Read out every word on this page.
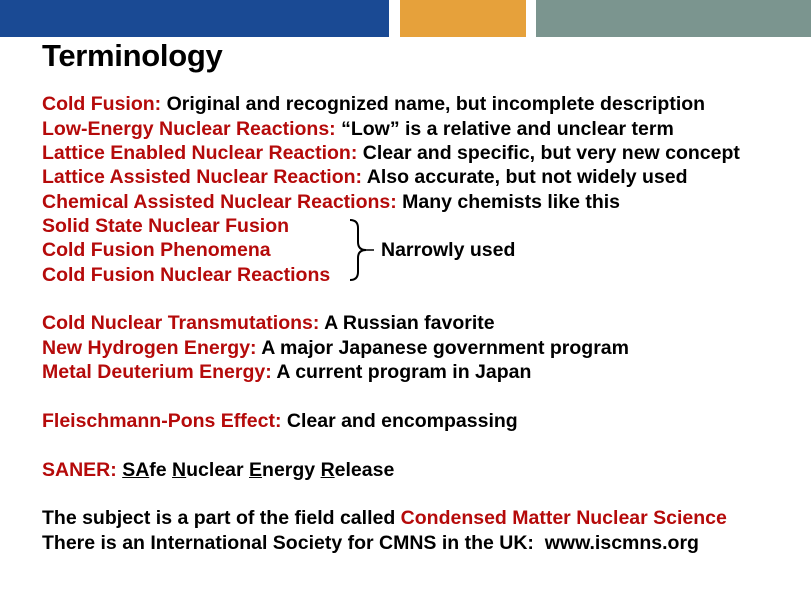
Terminology
Cold Fusion: Original and recognized name, but incomplete description
Low-Energy Nuclear Reactions: “Low” is a relative and unclear term
Lattice Enabled Nuclear Reaction: Clear and specific, but very new concept
Lattice Assisted Nuclear Reaction: Also accurate, but not widely used
Chemical Assisted Nuclear Reactions: Many chemists like this
Solid State Nuclear Fusion
Cold Fusion Phenomena
Cold Fusion Nuclear Reactions
Narrowly used
Cold Nuclear Transmutations: A Russian favorite
New Hydrogen Energy: A major Japanese government program
Metal Deuterium Energy: A current program in Japan
Fleischmann-Pons Effect: Clear and encompassing
SANER: SAfe Nuclear Energy Release
The subject is a part of the field called Condensed Matter Nuclear Science
There is an International Society for CMNS in the UK:  www.iscmns.org
